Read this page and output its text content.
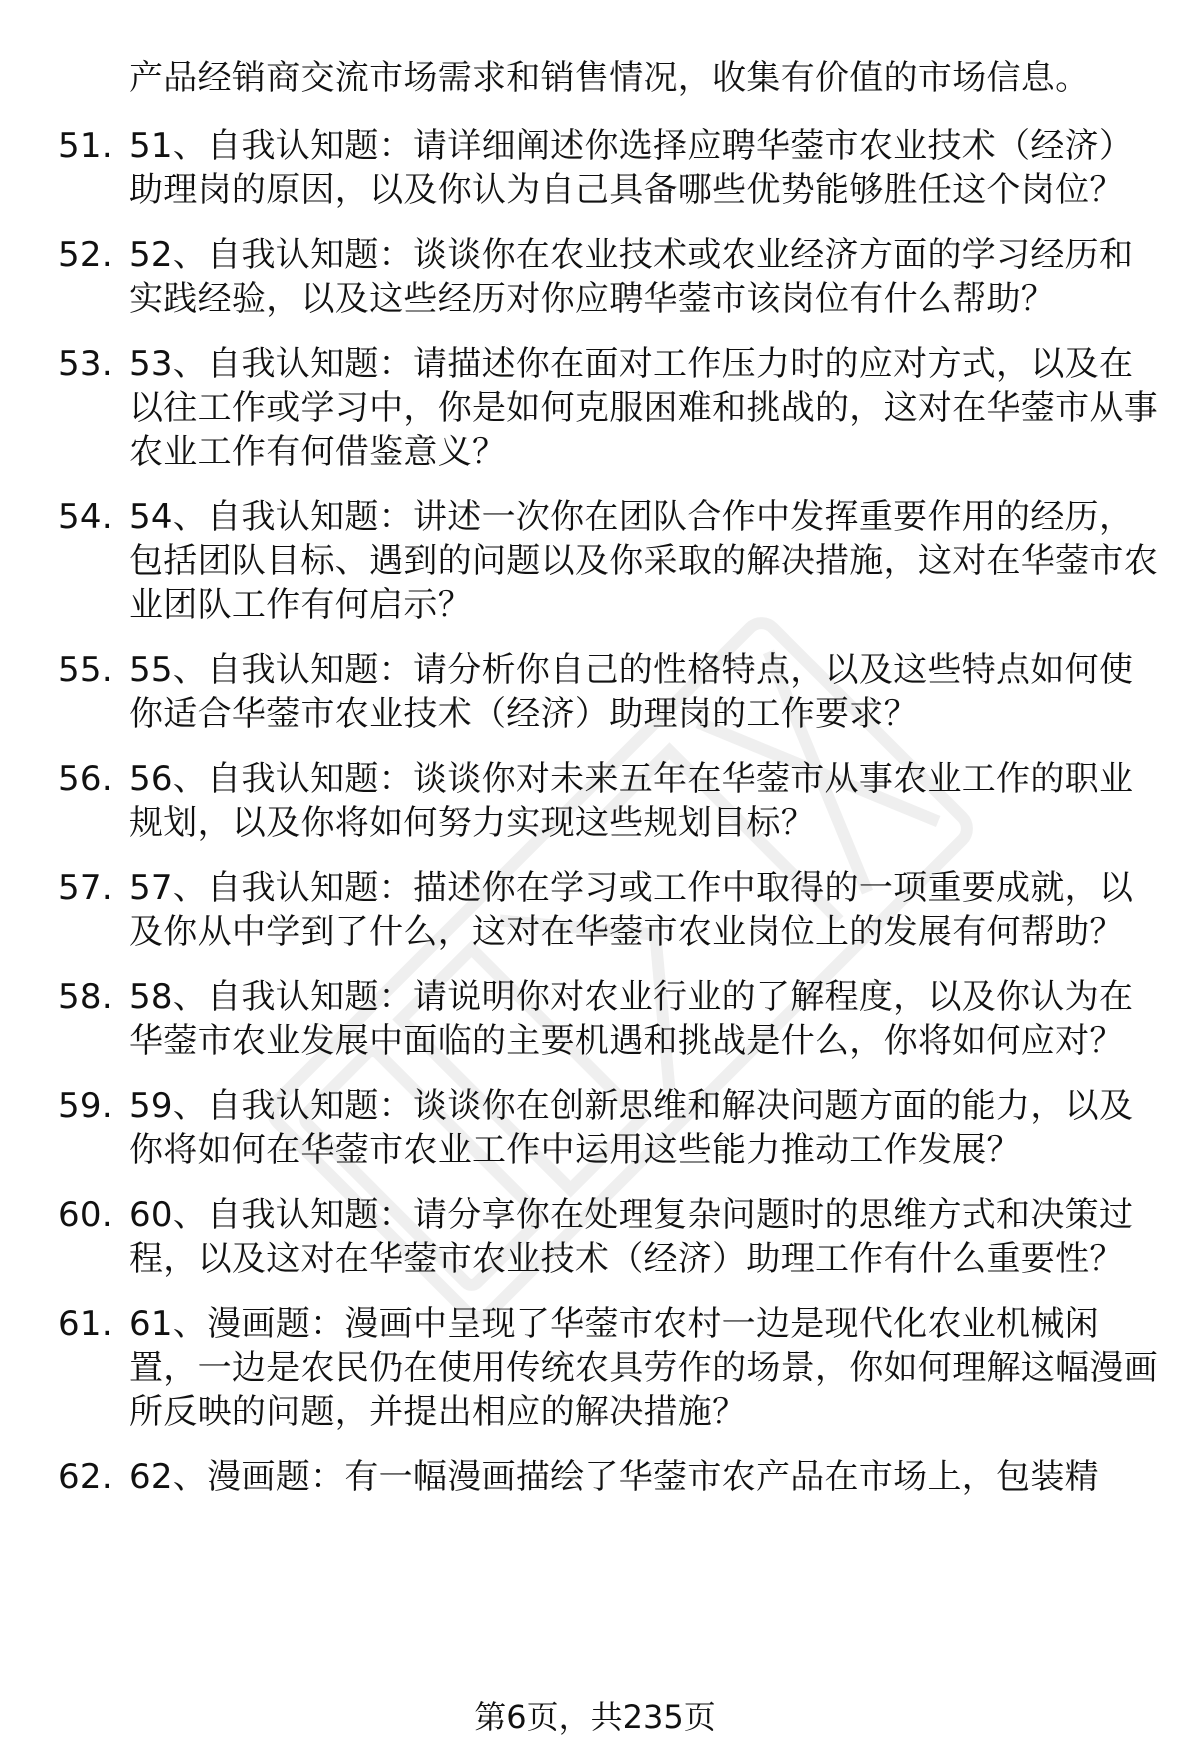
产品经销商交流市场需求和销售情况，收集有价值的市场信息。
51. 51、自我认知题：请详细阐述你选择应聘华蓥市农业技术（经济）助理岗的原因，以及你认为自己具备哪些优势能够胜任这个岗位？
52. 52、自我认知题：谈谈你在农业技术或农业经济方面的学习经历和实践经验，以及这些经历对你应聘华蓥市该岗位有什么帮助？
53. 53、自我认知题：请描述你在面对工作压力时的应对方式，以及在以往工作或学习中，你是如何克服困难和挑战的，这对在华蓥市从事农业工作有何借鉴意义？
54. 54、自我认知题：讲述一次你在团队合作中发挥重要作用的经历，包括团队目标、遇到的问题以及你采取的解决措施，这对在华蓥市农业团队工作有何启示？
55. 55、自我认知题：请分析你自己的性格特点，以及这些特点如何使你适合华蓥市农业技术（经济）助理岗的工作要求？
56. 56、自我认知题：谈谈你对未来五年在华蓥市从事农业工作的职业规划，以及你将如何努力实现这些规划目标？
57. 57、自我认知题：描述你在学习或工作中取得的一项重要成就，以及你从中学到了什么，这对在华蓥市农业岗位上的发展有何帮助？
58. 58、自我认知题：请说明你对农业行业的了解程度，以及你认为在华蓥市农业发展中面临的主要机遇和挑战是什么，你将如何应对？
59. 59、自我认知题：谈谈你在创新思维和解决问题方面的能力，以及你将如何在华蓥市农业工作中运用这些能力推动工作发展？
60. 60、自我认知题：请分享你在处理复杂问题时的思维方式和决策过程，以及这对在华蓥市农业技术（经济）助理工作有什么重要性？
61. 61、漫画题：漫画中呈现了华蓥市农村一边是现代化农业机械闲置，一边是农民仍在使用传统农具劳作的场景，你如何理解这幅漫画所反映的问题，并提出相应的解决措施？
62. 62、漫画题：有一幅漫画描绘了华蓥市农产品在市场上，包装精
第6页，共235页
